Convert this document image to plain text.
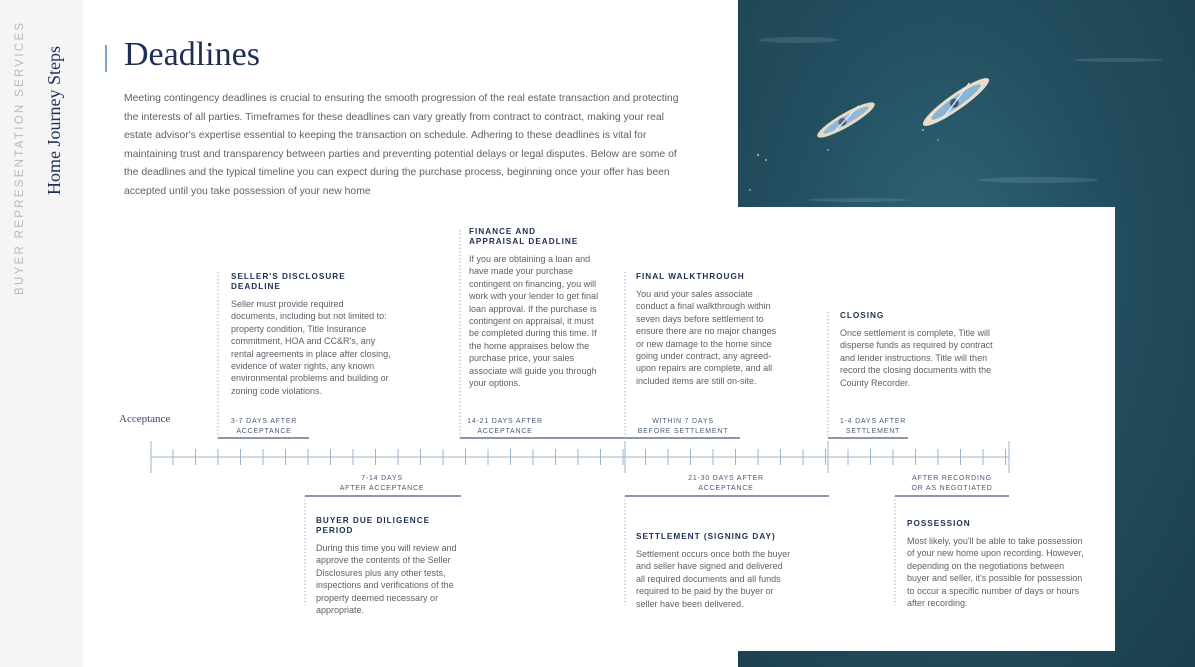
BUYER REPRESENTATION SERVICES Home Journey Steps Deadlines
Meeting contingency deadlines is crucial to ensuring the smooth progression of the real estate transaction and protecting the interests of all parties. Timeframes for these deadlines can vary greatly from contract to contract, making your real estate advisor's expertise essential to keeping the transaction on schedule. Adhering to these deadlines is vital for maintaining trust and transparency between parties and preventing potential delays or legal disputes. Below are some of the deadlines and the typical timeline you can expect during the purchase process, beginning once your offer has been accepted until you take possession of your new home
Acceptance	3-7 DAYS AFTER
ACCEPTANCE
7-14 DAYS
AFTER ACCEPTANCE
14-21 DAYS AFTER
ACCEPTANCE
21-30 DAYS AFTER
ACCEPTANCE
WITHIN 7 DAYS
BEFORE SETTLEMENT
1-4 DAYS AFTER
SETTLEMENT
AFTER RECORDING
OR AS NEGOTIATED
SELLER'S DISCLOSURE DEADLINE
Seller must provide required documents, including but not limited to: property condition, Title Insurance commitment, HOA and CC&R's, any rental agreements in place after closing, evidence of water rights, any known environmental problems and building or zoning code violations.
FINANCE AND
APPRAISAL DEADLINE
If you are obtaining a loan and have made your purchase contingent on financing, you will work with your lender to get final loan approval. If the purchase is contingent on appraisal, it must be completed during this time. If the home appraises below the purchase price, your sales associate will guide you through your options.
FINAL WALKTHROUGH
You and your sales associate conduct a final walkthrough within seven days before settlement to ensure there are no major changes or new damage to the home since going under contract, any agreed-upon repairs are complete, and all included items are still on-site.
CLOSING
Once settlement is complete, Title will disperse funds as required by contract and lender instructions. Title will then record the closing documents with the County Recorder.
BUYER DUE DILIGENCE PERIOD
During this time you will review and approve the contents of the Seller Disclosures plus any other tests, inspections and verifications of the property deemed necessary or appropriate.
SETTLEMENT (SIGNING DAY)
Settlement occurs once both the buyer and seller have signed and delivered all required documents and all funds required to be paid by the buyer or seller have been delivered.
POSSESSION
Most likely, you'll be able to take possession of your new home upon recording. However, depending on the negotiations between buyer and seller, it's possible for possession to occur a specific number of days or hours after recording.
